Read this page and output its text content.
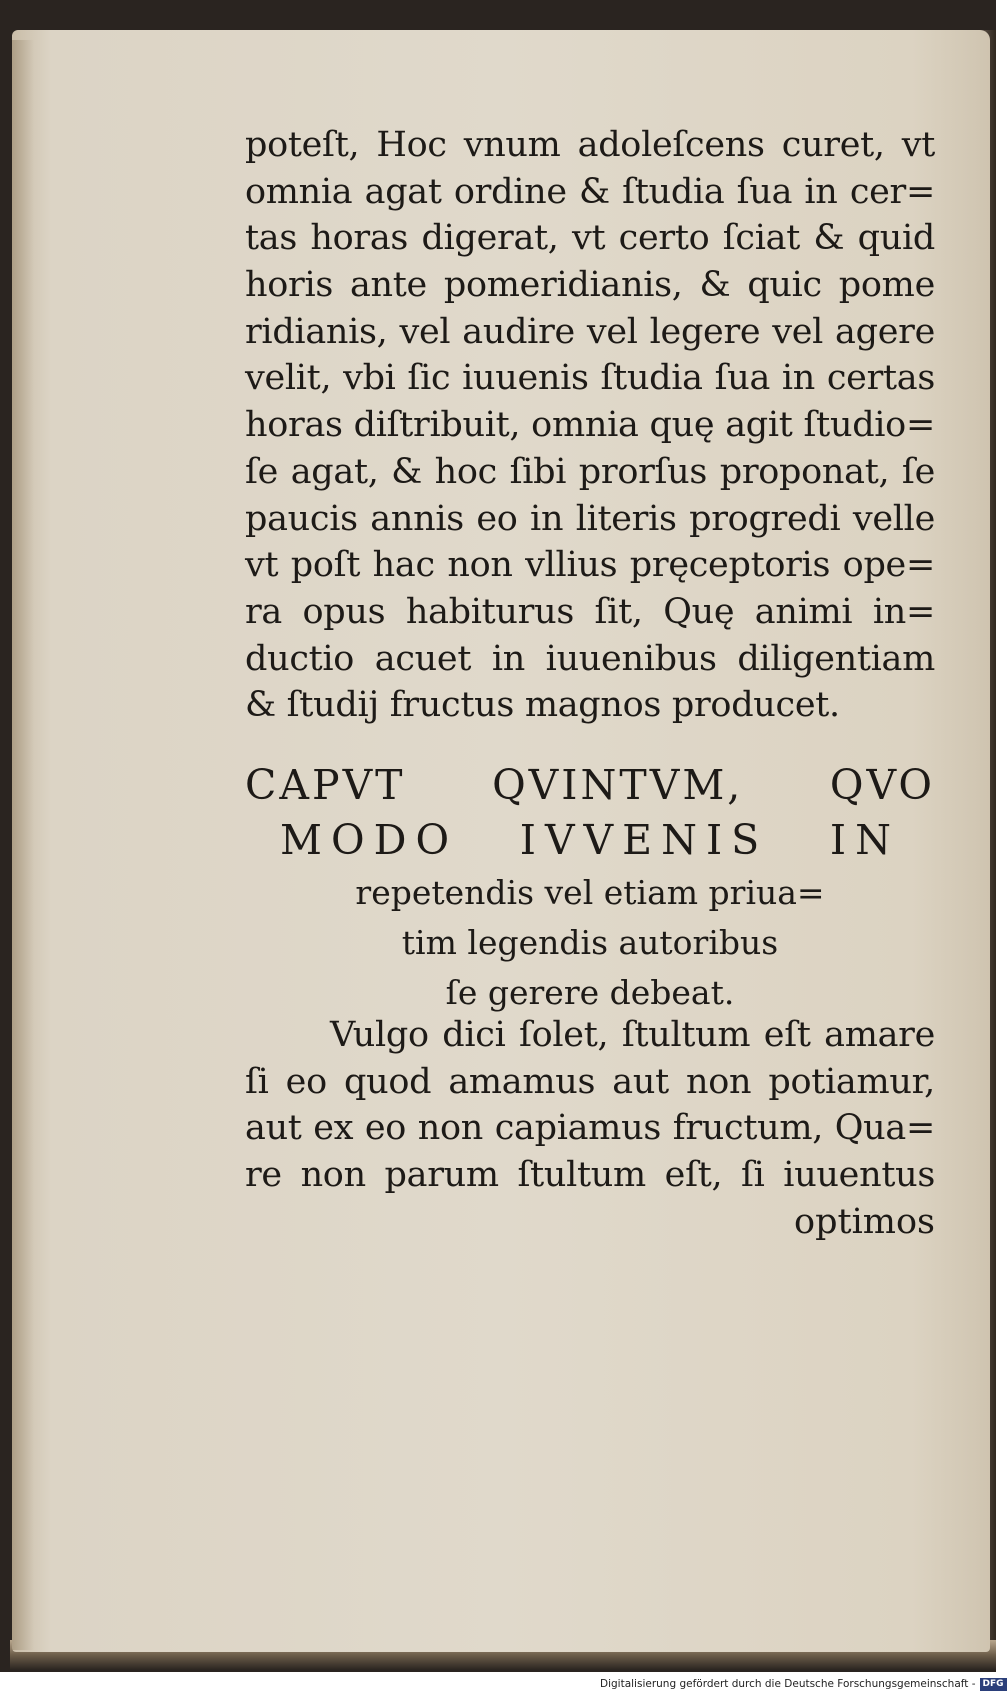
poteſt, Hoc vnum adoleſcens curet, vt
omnia agat ordine & ſtudia ſua in cer=
tas horas digerat, vt certo ſciat & quid
horis ante pomeridianis, & quic pome
ridianis, vel audire vel legere vel agere
velit, vbi ſic iuuenis ſtudia ſua in certas
horas diſtribuit, omnia quę agit ſtudio=
ſe agat, & hoc ſibi prorſus proponat, ſe
paucis annis eo in literis progredi velle
vt poſt hac non vllius pręceptoris ope=
ra opus habiturus ſit, Quę animi in=
ductio acuet in iuuenibus diligentiam
& ſtudij fructus magnos producet.
CAPVT QVINTVM, QVO
MODO IVVENIS IN
repetendis vel etiam priua=
tim legendis autoribus
ſe gerere debeat.
Vulgo dici ſolet, ſtultum eſt amare
ſi eo quod amamus aut non potiamur,
aut ex eo non capiamus fructum, Qua=
re non parum ſtultum eſt, ſi iuuentus
optimos
Digitalisierung gefördert durch die Deutsche Forschungsgemeinschaft - DFG
